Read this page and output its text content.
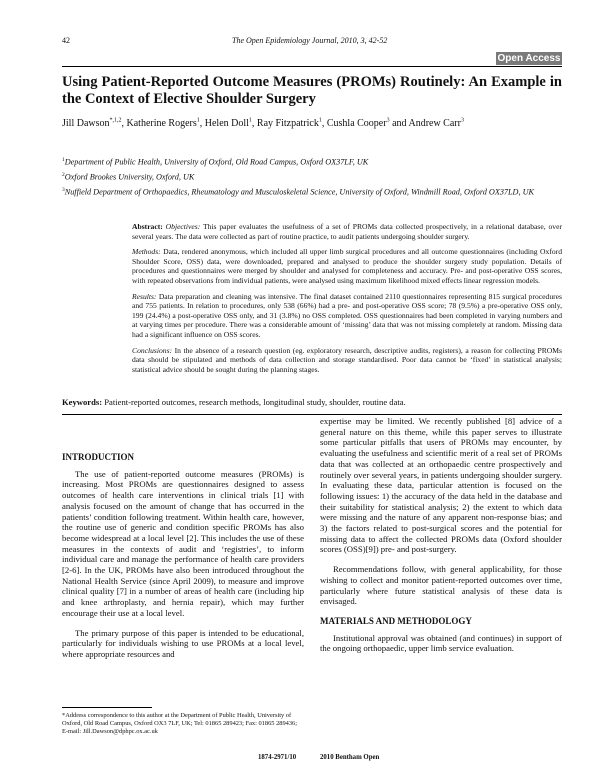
42	The Open Epidemiology Journal, 2010, 3, 42-52
Open Access
Using Patient-Reported Outcome Measures (PROMs) Routinely: An Example in the Context of Elective Shoulder Surgery
Jill Dawson$^{*,1,2}$, Katherine Rogers$^1$, Helen Doll$^1$, Ray Fitzpatrick$^1$, Cushla Cooper$^3$ and Andrew Carr$^3$
$^1$Department of Public Health, University of Oxford, Old Road Campus, Oxford OX37LF, UK
$^2$Oxford Brookes University, Oxford, UK
$^3$Nuffield Department of Orthopaedics, Rheumatology and Musculoskeletal Science, University of Oxford, Windmill Road, Oxford OX37LD, UK

Abstract: Objectives: This paper evaluates the usefulness of a set of PROMs data collected prospectively, in a relational database, over several years. The data were collected as part of routine practice, to audit patients undergoing shoulder surgery.

Methods: Data, rendered anonymous, which included all upper limb surgical procedures and all outcome questionnaires (including Oxford Shoulder Score, OSS) data, were downloaded, prepared and analysed to produce the shoulder surgery study population. Details of procedures and questionnaires were merged by shoulder and analysed for completeness and accuracy. Pre- and post-operative OSS scores, with repeated observations from individual patients, were analysed using maximum likelihood mixed effects linear regression models.

Results: Data preparation and cleaning was intensive. The final dataset contained 2110 questionnaires representing 815 surgical procedures and 755 patients. In relation to procedures, only 538 (66%) had a pre- and post-operative OSS score; 78 (9.5%) a pre-operative OSS only, 199 (24.4%) a post-operative OSS only, and 31 (3.8%) no OSS completed. OSS questionnaires had been completed in varying numbers and at varying times per procedure. There was a considerable amount of ‘missing’ data that was not missing completely at random. Missing data had a significant influence on OSS scores.

Conclusions: In the absence of a research question (eg. exploratory research, descriptive audits, registers), a reason for collecting PROMs data should be stipulated and methods of data collection and storage standardised. Poor data cannot be ‘fixed’ in statistical analysis; statistical advice should be sought during the planning stages.

Keywords: Patient-reported outcomes, research methods, longitudinal study, shoulder, routine data.
INTRODUCTION

The use of patient-reported outcome measures (PROMs) is increasing. Most PROMs are questionnaires designed to assess outcomes of health care interventions in clinical trials [1] with analysis focused on the amount of change that has occurred in the patients’ condition following treatment. Within health care, however, the routine use of generic and condition specific PROMs has also become widespread at a local level [2]. This includes the use of these measures in the contexts of audit and ‘registries’, to inform individual care and manage the performance of health care providers [2-6]. In the UK, PROMs have also been introduced throughout the National Health Service (since April 2009), to measure and improve clinical quality [7] in a number of areas of health care (including hip and knee arthroplasty, and hernia repair), which may further encourage their use at a local level.

The primary purpose of this paper is intended to be educational, particularly for individuals wishing to use PROMs at a local level, where appropriate resources and

*Address correspondence to this author at the Department of Public Health, University of Oxford, Old Road Campus, Oxford OX3 7LF, UK; Tel: 01865 289423; Fax: 01865 289436; E-mail: Jill.Dawson@dphpc.ox.ac.uk

expertise may be limited. We recently published [8] advice of a general nature on this theme, while this paper serves to illustrate some particular pitfalls that users of PROMs may encounter, by evaluating the usefulness and scientific merit of a real set of PROMs data that was collected at an orthopaedic centre prospectively and routinely over several years, in patients undergoing shoulder surgery. In evaluating these data, particular attention is focused on the following issues: 1) the accuracy of the data held in the database and their suitability for statistical analysis; 2) the extent to which data were missing and the nature of any apparent non-response bias; and 3) the factors related to post-surgical scores and the potential for missing data to affect the collected PROMs data (Oxford shoulder scores (OSS)[9]) pre- and post-surgery.

Recommendations follow, with general applicability, for those wishing to collect and monitor patient-reported outcomes over time, particularly where future statistical analysis of these data is envisaged.

MATERIALS AND METHODOLOGY

Institutional approval was obtained (and continues) in support of the ongoing orthopaedic, upper limb service evaluation.

1874-2971/10	2010 Bentham Open
